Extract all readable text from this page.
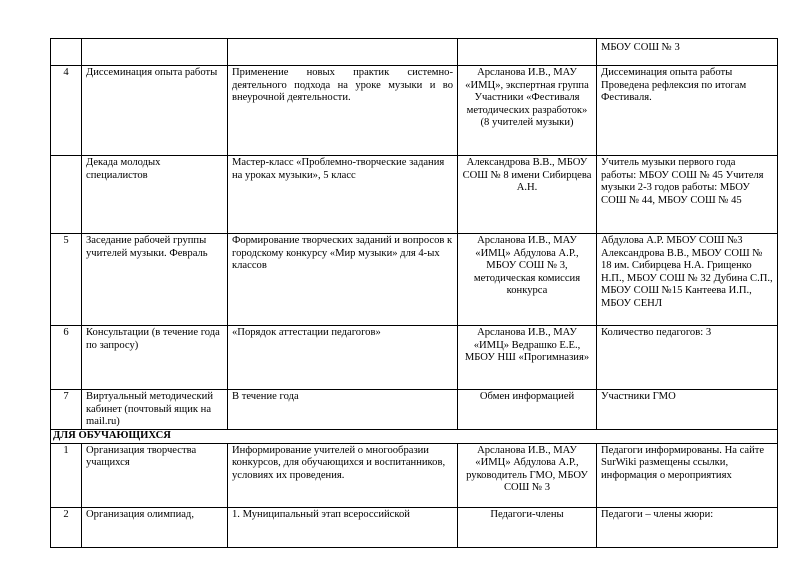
				МБОУ СОШ № 3
4	Диссеминация опыта работы	Применение новых практик системно-деятельного подхода на уроке музыки и во внеурочной деятельности.	Арсланова И.В., МАУ «ИМЦ», экспертная группа Участники «Фестиваля методических разработок» (8 учителей музыки)	Диссеминация опыта работы Проведена рефлексия по итогам Фестиваля.
	Декада молодых специалистов	Мастер-класс «Проблемно-творческие задания на уроках музыки», 5 класс	Александрова В.В., МБОУ СОШ № 8 имени Сибирцева А.Н.	Учитель музыки первого года работы: МБОУ СОШ № 45 Учителя музыки 2-3 годов работы: МБОУ СОШ № 44, МБОУ СОШ № 45
5	Заседание рабочей группы учителей музыки. Февраль	Формирование творческих заданий и вопросов к городскому конкурсу «Мир музыки» для 4-ых классов	Арсланова И.В., МАУ «ИМЦ» Абдулова А.Р., МБОУ СОШ № 3, методическая комиссия конкурса	Абдулова А.Р. МБОУ СОШ №3 Александрова В.В., МБОУ СОШ № 18 им. Сибирцева Н.А. Грищенко Н.П., МБОУ СОШ № 32 Дубина С.П., МБОУ СОШ №15 Кантеева И.П., МБОУ СЕНЛ
6	Консультации (в течение года по запросу)	«Порядок аттестации педагогов»	Арсланова И.В., МАУ «ИМЦ» Ведрашко Е.Е., МБОУ НШ «Прогимназия»	Количество педагогов: 3
7	Виртуальный методический кабинет (почтовый ящик на mail.ru)	В течение года	Обмен информацией	Участники ГМО
ДЛЯ ОБУЧАЮЩИХСЯ				
1	Организация творчества учащихся	Информирование учителей о многообразии конкурсов, для обучающихся и воспитанников, условиях их проведения.	Арсланова И.В., МАУ «ИМЦ» Абдулова А.Р., руководитель ГМО, МБОУ СОШ № 3	Педагоги информированы. На сайте SurWiki размещены ссылки, информация о мероприятиях
2	Организация олимпиад,	1. Муниципальный этап всероссийской	Педагоги-члены	Педагоги – члены жюри:
